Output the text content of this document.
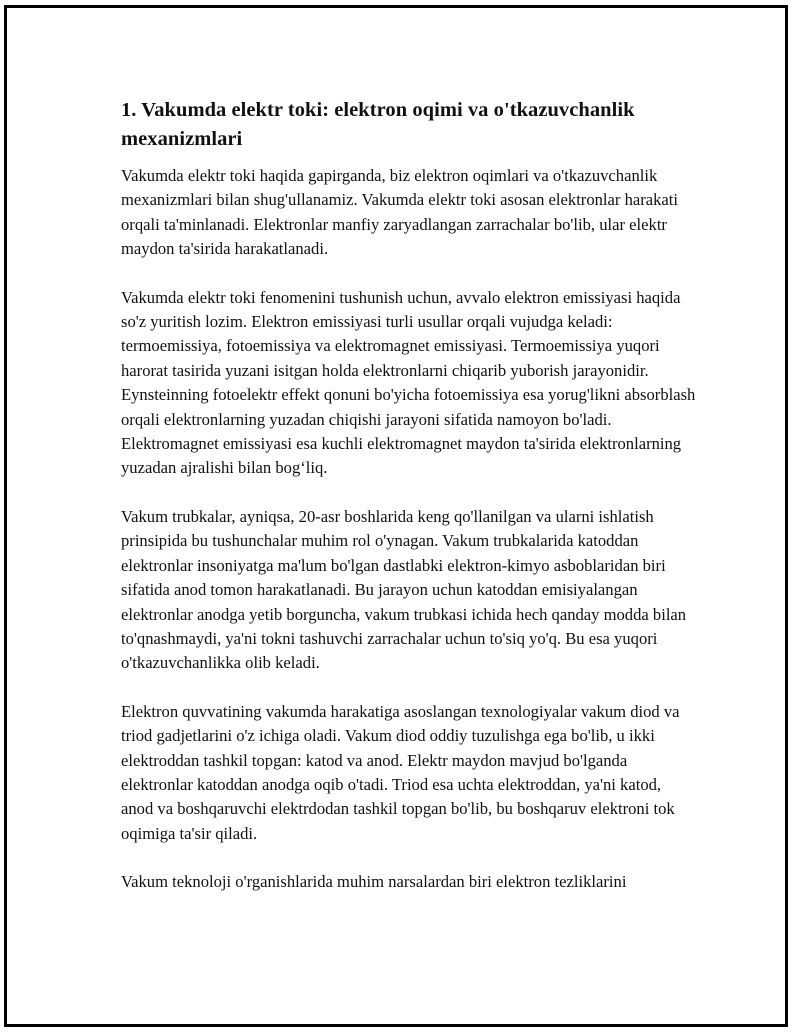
1. Vakumda elektr toki: elektron oqimi va o'tkazuvchanlik mexanizmlari

Vakumda elektr toki haqida gapirganda, biz elektron oqimlari va o'tkazuvchanlik mexanizmlari bilan shug'ullanamiz. Vakumda elektr toki asosan elektronlar harakati orqali ta'minlanadi. Elektronlar manfiy zaryadlangan zarrachalar bo'lib, ular elektr maydon ta'sirida harakatlanadi.

Vakumda elektr toki fenomenini tushunish uchun, avvalo elektron emissiyasi haqida so'z yuritish lozim. Elektron emissiyasi turli usullar orqali vujudga keladi: termoemissiya, fotoemissiya va elektromagnet emissiyasi. Termoemissiya yuqori harorat tasirida yuzani isitgan holda elektronlarni chiqarib yuborish jarayonidir. Eynsteinning fotoelektr effekt qonuni bo'yicha fotoemissiya esa yorug'likni absorblash orqali elektronlarning yuzadan chiqishi jarayoni sifatida namoyon bo'ladi. Elektromagnet emissiyasi esa kuchli elektromagnet maydon ta'sirida elektronlarning yuzadan ajralishi bilan bog‘liq.

Vakum trubkalar, ayniqsa, 20-asr boshlarida keng qo'llanilgan va ularni ishlatish prinsipida bu tushunchalar muhim rol o'ynagan. Vakum trubkalarida katoddan elektronlar insoniyatga ma'lum bo'lgan dastlabki elektron-kimyo asboblaridan biri sifatida anod tomon harakatlanadi. Bu jarayon uchun katoddan emisiyalangan elektronlar anodga yetib borguncha, vakum trubkasi ichida hech qanday modda bilan to'qnashmaydi, ya'ni tokni tashuvchi zarrachalar uchun to'siq yo'q. Bu esa yuqori o'tkazuvchanlikka olib keladi.

Elektron quvvatining vakumda harakatiga asoslangan texnologiyalar vakum diod va triod gadjetlarini o'z ichiga oladi. Vakum diod oddiy tuzulishga ega bo'lib, u ikki elektroddan tashkil topgan: katod va anod. Elektr maydon mavjud bo'lganda elektronlar katoddan anodga oqib o'tadi. Triod esa uchta elektroddan, ya'ni katod, anod va boshqaruvchi elektrdodan tashkil topgan bo'lib, bu boshqaruv elektroni tok oqimiga ta'sir qiladi.

Vakum teknoloji o'rganishlarida muhim narsalardan biri elektron tezliklarini
